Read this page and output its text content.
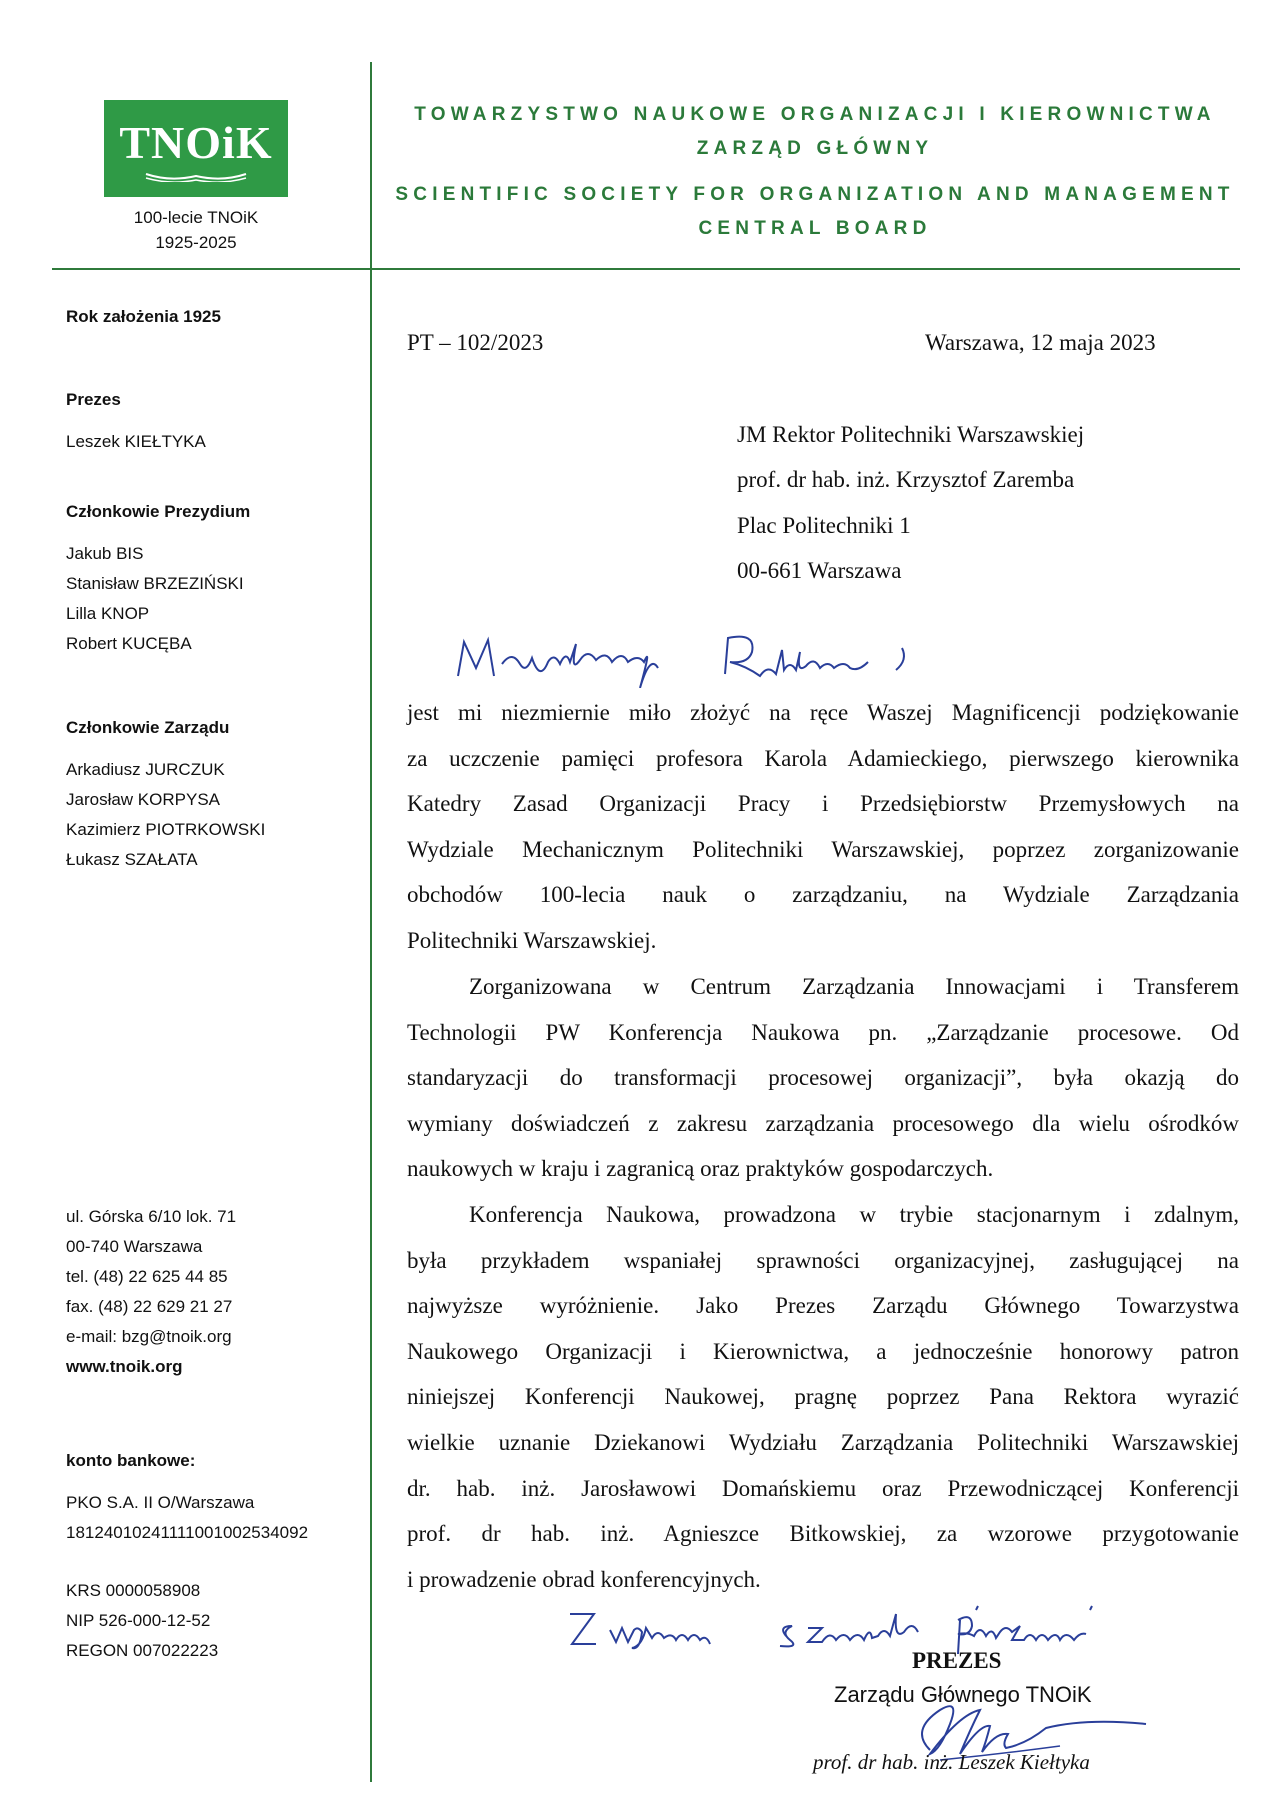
TNOiK
100-lecie TNOiK
1925-2025
TOWARZYSTWO NAUKOWE ORGANIZACJI I KIEROWNICTWA
ZARZĄD GŁÓWNY
SCIENTIFIC SOCIETY FOR ORGANIZATION AND MANAGEMENT
CENTRAL BOARD
Rok założenia 1925
Prezes
Leszek KIEŁTYKA
Członkowie Prezydium
Jakub BIS
Stanisław BRZEZIŃSKI
Lilla KNOP
Robert KUCĘBA
Członkowie Zarządu
Arkadiusz JURCZUK
Jarosław KORPYSA
Kazimierz PIOTRKOWSKI
Łukasz SZAŁATA
ul. Górska 6/10 lok. 71
00-740 Warszawa
tel. (48) 22 625 44 85
fax. (48) 22 629 21 27
e-mail: bzg@tnoik.org
www.tnoik.org
konto bankowe:
PKO S.A. II O/Warszawa
18124010241111001002534092
KRS 0000058908
NIP 526-000-12-52
REGON 007022223
PT – 102/2023	Warszawa, 12 maja 2023
JM Rektor Politechniki Warszawskiej
prof. dr hab. inż. Krzysztof Zaremba
Plac Politechniki 1
00-661 Warszawa
jest mi niezmiernie miło złożyć na ręce Waszej Magnificencji podziękowanie
za uczczenie pamięci profesora Karola Adamieckiego, pierwszego kierownika
Katedry Zasad Organizacji Pracy i Przedsiębiorstw Przemysłowych na
Wydziale Mechanicznym Politechniki Warszawskiej, poprzez zorganizowanie
obchodów 100-lecia nauk o zarządzaniu, na Wydziale Zarządzania
Politechniki Warszawskiej.
Zorganizowana w Centrum Zarządzania Innowacjami i Transferem
Technologii PW Konferencja Naukowa pn. „Zarządzanie procesowe. Od
standaryzacji do transformacji procesowej organizacji”, była okazją do
wymiany doświadczeń z zakresu zarządzania procesowego dla wielu ośrodków
naukowych w kraju i zagranicą oraz praktyków gospodarczych.
Konferencja Naukowa, prowadzona w trybie stacjonarnym i zdalnym,
była przykładem wspaniałej sprawności organizacyjnej, zasługującej na
najwyższe wyróżnienie. Jako Prezes Zarządu Głównego Towarzystwa
Naukowego Organizacji i Kierownictwa, a jednocześnie honorowy patron
niniejszej Konferencji Naukowej, pragnę poprzez Pana Rektora wyrazić
wielkie uznanie Dziekanowi Wydziału Zarządzania Politechniki Warszawskiej
dr. hab. inż. Jarosławowi Domańskiemu oraz Przewodniczącej Konferencji
prof. dr hab. inż. Agnieszce Bitkowskiej, za wzorowe przygotowanie
i prowadzenie obrad konferencyjnych.
PREZES
Zarządu Głównego TNOiK
prof. dr hab. inż. Leszek Kiełtyka
